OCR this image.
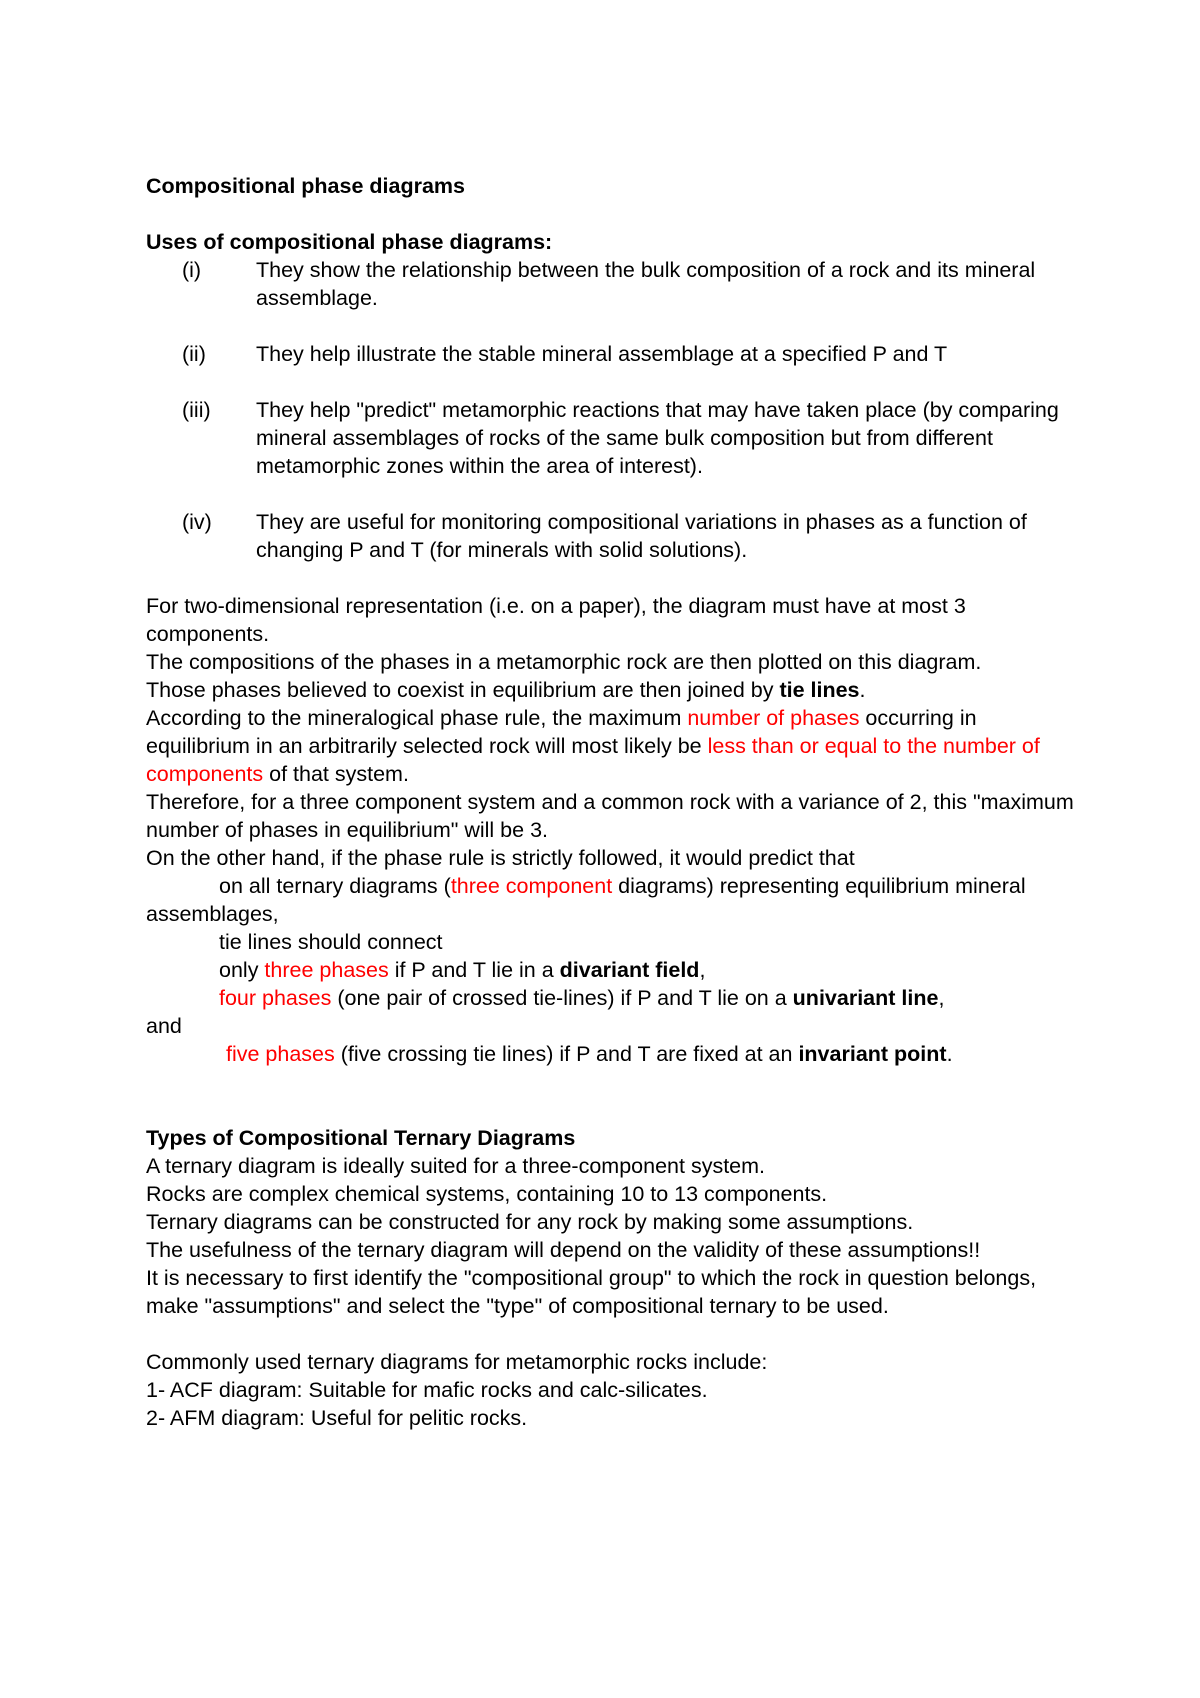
Compositional phase diagrams
Uses of compositional phase diagrams:
(i)	They show the relationship between the bulk composition of a rock and its mineral assemblage.
(ii) They help illustrate the stable mineral assemblage at a specified P and T
(iii) They help "predict" metamorphic reactions that may have taken place (by comparing mineral assemblages of rocks of the same bulk composition but from different metamorphic zones within the area of interest).
(iv) They are useful for monitoring compositional variations in phases as a function of changing P and T (for minerals with solid solutions).
For two-dimensional representation (i.e. on a paper), the diagram must have at most 3 components.
The compositions of the phases in a metamorphic rock are then plotted on this diagram.
Those phases believed to coexist in equilibrium are then joined by tie lines.
According to the mineralogical phase rule, the maximum number of phases occurring in equilibrium in an arbitrarily selected rock will most likely be less than or equal to the number of components of that system.
Therefore, for a three component system and a common rock with a variance of 2, this "maximum number of phases in equilibrium" will be 3.
On the other hand, if the phase rule is strictly followed, it would predict that
on all ternary diagrams (three component diagrams) representing equilibrium mineral assemblages,
tie lines should connect
only three phases if P and T lie in a divariant field,
four phases (one pair of crossed tie-lines) if P and T lie on a univariant line,
and
five phases (five crossing tie lines) if P and T are fixed at an invariant point.
Types of Compositional Ternary Diagrams
A ternary diagram is ideally suited for a three-component system.
Rocks are complex chemical systems, containing 10 to 13 components.
Ternary diagrams can be constructed for any rock by making some assumptions.
The usefulness of the ternary diagram will depend on the validity of these assumptions!!
It is necessary to first identify the "compositional group" to which the rock in question belongs, make "assumptions" and select the "type" of compositional ternary to be used.
Commonly used ternary diagrams for metamorphic rocks include:
1- ACF diagram: Suitable for mafic rocks and calc-silicates.
2- AFM diagram: Useful for pelitic rocks.
